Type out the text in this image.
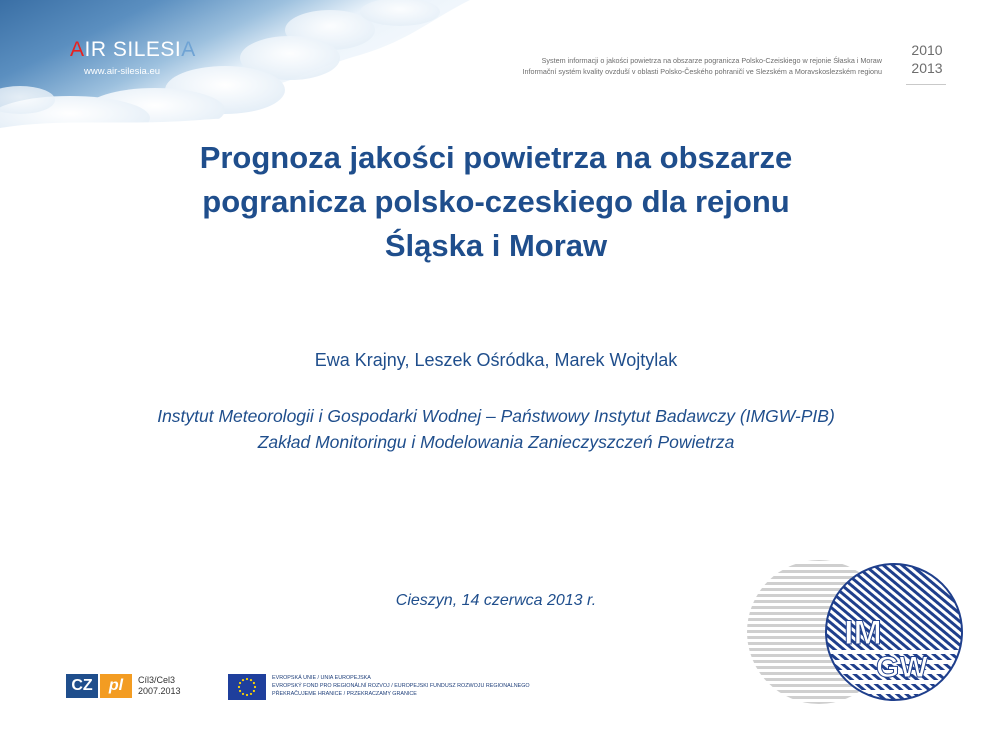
AIR SILESIA
www.air-silesia.eu
System informacji o jakości powietrza na obszarze pogranicza Polsko-Czeiskiego w rejonie Śłaska i Moraw
Informační systém kvality ovzduší v oblasti Polsko-Českého pohraničí ve Slezském a Moravskoslezském regionu
2010
2013
Prognoza jakości powietrza na obszarze
pogranicza polsko-czeskiego dla rejonu
Śląska i Moraw
Ewa Krajny, Leszek Ośródka, Marek Wojtylak
Instytut Meteorologii i Gospodarki Wodnej – Państwowy Instytut Badawczy (IMGW-PIB)
Zakład Monitoringu i Modelowania Zanieczyszczeń Powietrza
Cieszyn, 14 czerwca 2013 r.
IM
GW
CZ	pl	Cíl3/Cel3
2007.2013
EVROPSKÁ UNIE / UNIA EUROPEJSKA
EVROPSKÝ FOND PRO REGIONÁLNÍ ROZVOJ / EUROPEJSKI FUNDUSZ ROZWOJU REGIONALNEGO
PŘEKRAČUJEME HRANICE / PRZEKRACZAMY GRANICE
